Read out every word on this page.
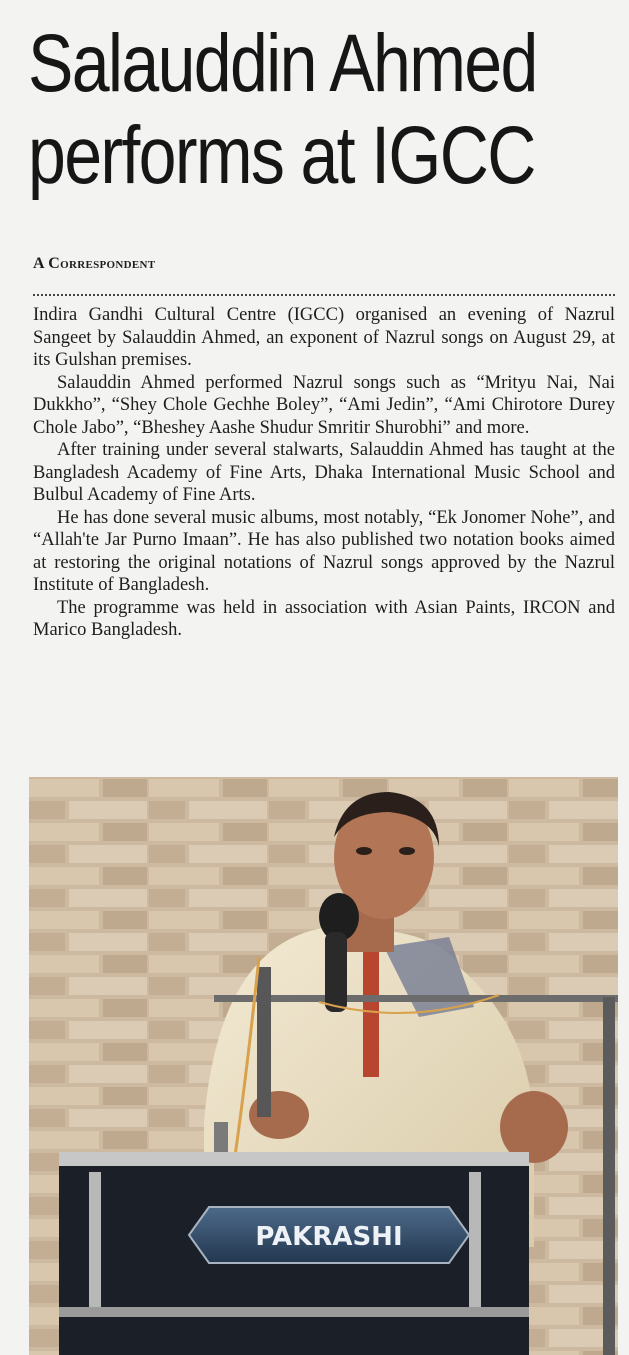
Salauddin Ahmed
performs at IGCC
A Correspondent

Indira Gandhi Cultural Centre (IGCC) organised an evening of Nazrul Sangeet by Salauddin Ahmed, an exponent of Nazrul songs on August 29, at its Gulshan premises.

Salauddin Ahmed performed Nazrul songs such as “Mrityu Nai, Nai Dukkho”, “Shey Chole Gechhe Boley”, “Ami Jedin”, “Ami Chirotore Durey Chole Jabo”, “Bheshey Aashe Shudur Smritir Shurobhi” and more.

After training under several stalwarts, Salauddin Ahmed has taught at the Bangladesh Academy of Fine Arts, Dhaka International Music School and Bulbul Academy of Fine Arts.

He has done several music albums, most notably, “Ek Jonomer Nohe”, and “Allah'te Jar Purno Imaan”. He has also published two notation books aimed at restoring the original notations of Nazrul songs approved by the Nazrul Institute of Bangladesh.

The programme was held in association with Asian Paints, IRCON and Marico Bangladesh.

PAKRASHI
